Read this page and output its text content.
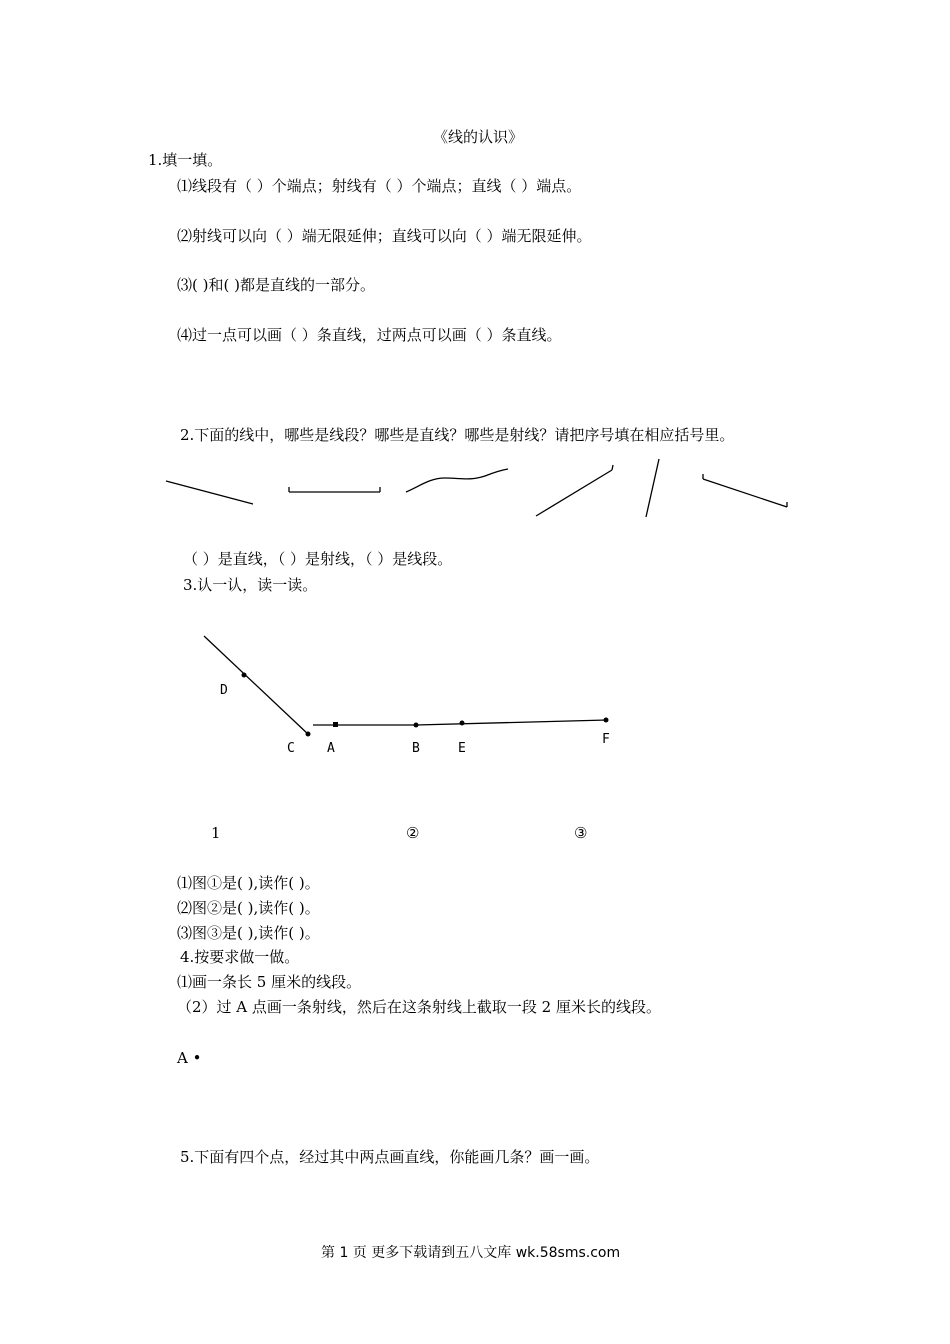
《线的认识》
1.填一填。
⑴线段有（ ）个端点；射线有（ ）个端点；直线（ ）端点。
⑵射线可以向（ ）端无限延伸；直线可以向（ ）端无限延伸。
⑶( )和( )都是直线的一部分。
⑷过一点可以画（ ）条直线，过两点可以画（ ）条直线。
2.下面的线中，哪些是线段？哪些是直线？哪些是射线？请把序号填在相应括号里。
（ ）是直线，（ ）是射线，（ ）是线段。
3.认一认，读一读。
D
C A	B	E
F
1	②	③
⑴图①是( ),读作( )。
⑵图②是( ),读作( )。
⑶图③是( ),读作( )。
4.按要求做一做。
⑴画一条长 5 厘米的线段。
（2）过 A 点画一条射线，然后在这条射线上截取一段 2 厘米长的线段。
A •
5.下面有四个点，经过其中两点画直线，你能画几条？画一画。
第 1 页 更多下载请到五八文库 wk.58sms.com
